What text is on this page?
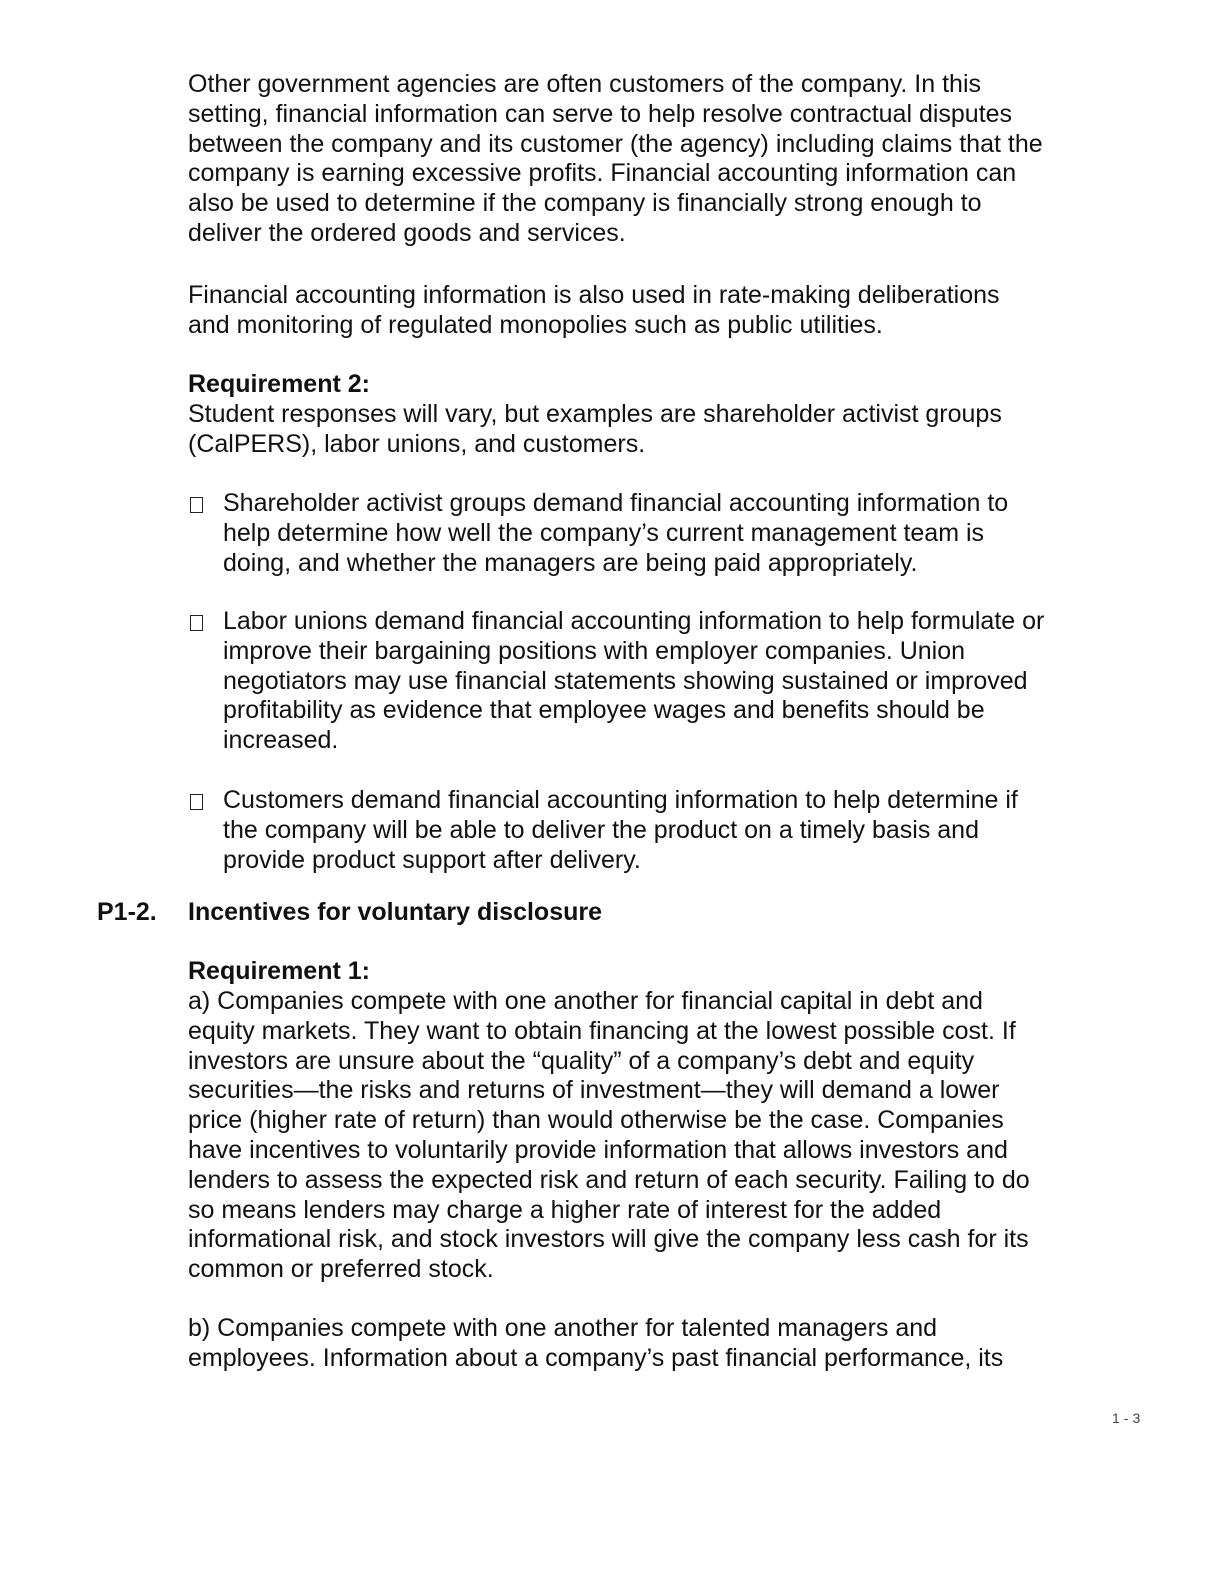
Other government agencies are often customers of the company. In this
setting, financial information can serve to help resolve contractual disputes
between the company and its customer (the agency) including claims that the
company is earning excessive profits. Financial accounting information can
also be used to determine if the company is financially strong enough to
deliver the ordered goods and services.
Financial accounting information is also used in rate-making deliberations
and monitoring of regulated monopolies such as public utilities.
Requirement 2:
Student responses will vary, but examples are shareholder activist groups
(CalPERS), labor unions, and customers.
Shareholder activist groups demand financial accounting information to
help determine how well the company’s current management team is
doing, and whether the managers are being paid appropriately.
Labor unions demand financial accounting information to help formulate or
improve their bargaining positions with employer companies. Union
negotiators may use financial statements showing sustained or improved
profitability as evidence that employee wages and benefits should be
increased.
Customers demand financial accounting information to help determine if
the company will be able to deliver the product on a timely basis and
provide product support after delivery.
P1-2. Incentives for voluntary disclosure
Requirement 1:
a) Companies compete with one another for financial capital in debt and
equity markets. They want to obtain financing at the lowest possible cost. If
investors are unsure about the “quality” of a company’s debt and equity
securities—the risks and returns of investment—they will demand a lower
price (higher rate of return) than would otherwise be the case. Companies
have incentives to voluntarily provide information that allows investors and
lenders to assess the expected risk and return of each security. Failing to do
so means lenders may charge a higher rate of interest for the added
informational risk, and stock investors will give the company less cash for its
common or preferred stock.
b) Companies compete with one another for talented managers and
employees. Information about a company’s past financial performance, its
1-3
